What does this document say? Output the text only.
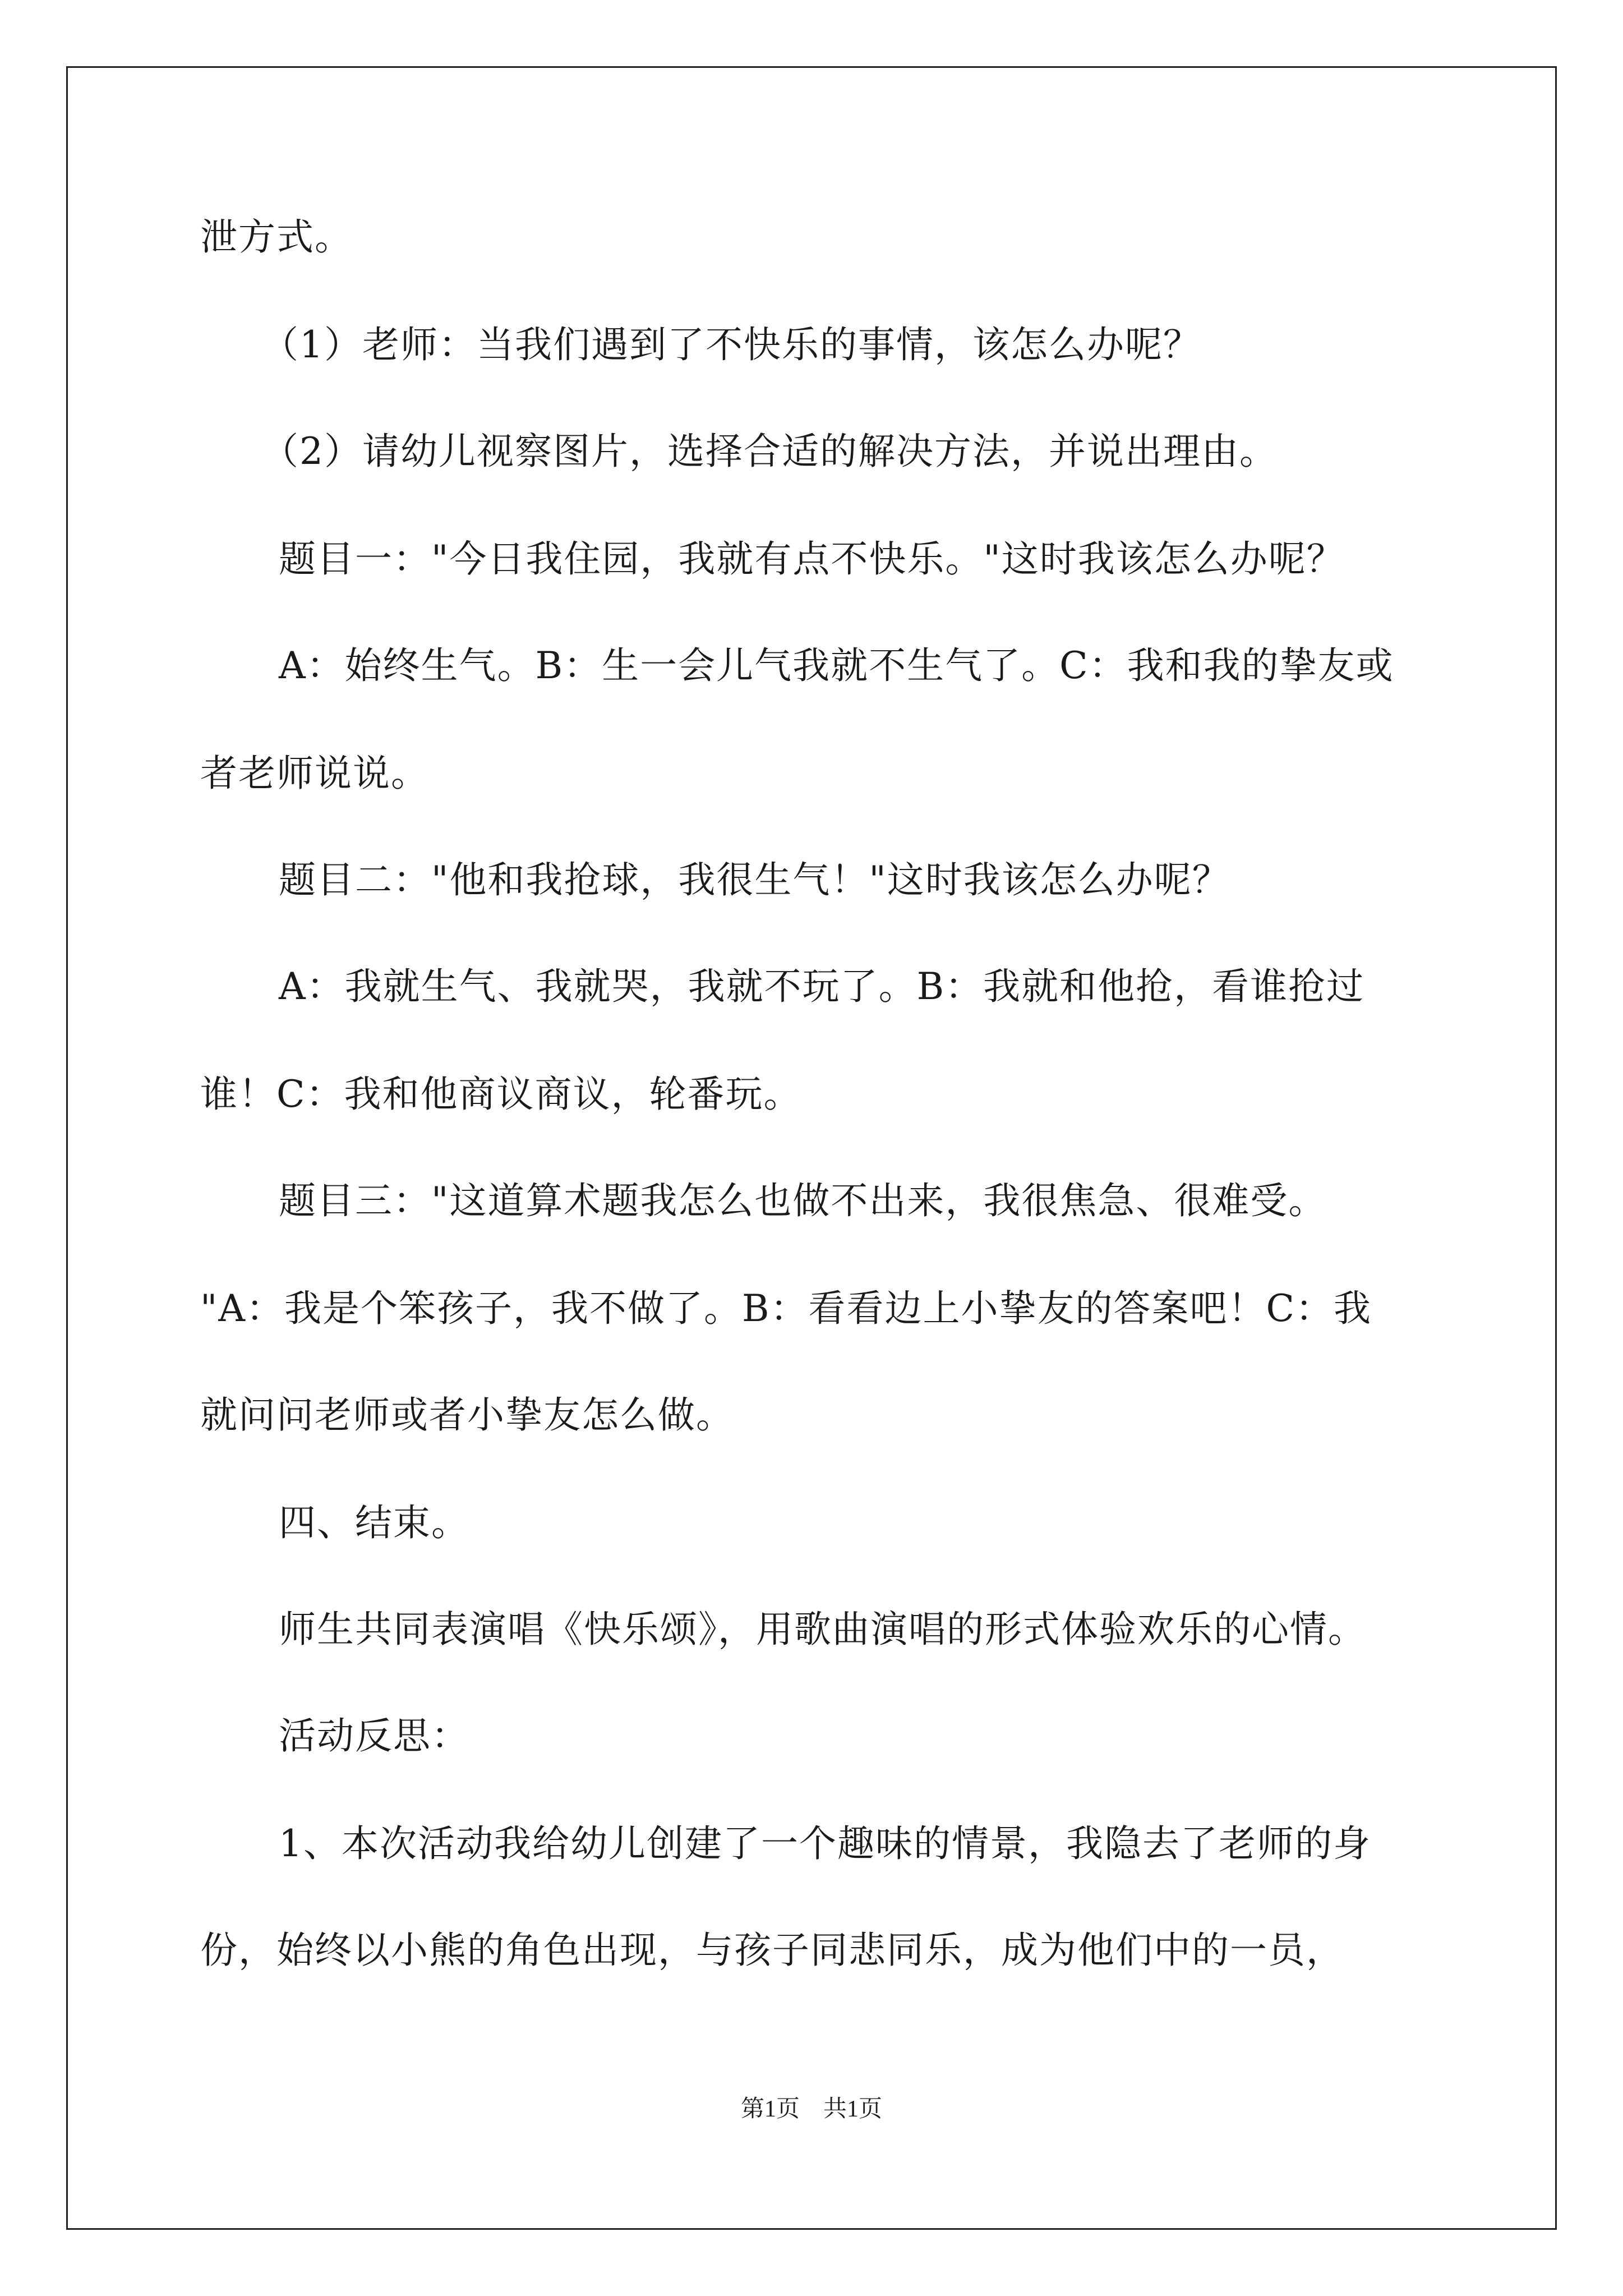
泄方式。
（1）老师：当我们遇到了不快乐的事情，该怎么办呢？
（2）请幼儿视察图片，选择合适的解决方法，并说出理由。
题目一："今日我住园，我就有点不快乐。"这时我该怎么办呢？
A：始终生气。B：生一会儿气我就不生气了。C：我和我的挚友或
者老师说说。
题目二："他和我抢球，我很生气！"这时我该怎么办呢？
A：我就生气、我就哭，我就不玩了。B：我就和他抢，看谁抢过
谁！C：我和他商议商议，轮番玩。
题目三："这道算术题我怎么也做不出来，我很焦急、很难受。
"A：我是个笨孩子，我不做了。B：看看边上小挚友的答案吧！C：我
就问问老师或者小挚友怎么做。
四、结束。
师生共同表演唱《快乐颂》，用歌曲演唱的形式体验欢乐的心情。
活动反思：
1、本次活动我给幼儿创建了一个趣味的情景，我隐去了老师的身
份，始终以小熊的角色出现，与孩子同悲同乐，成为他们中的一员，
第1页　共1页
